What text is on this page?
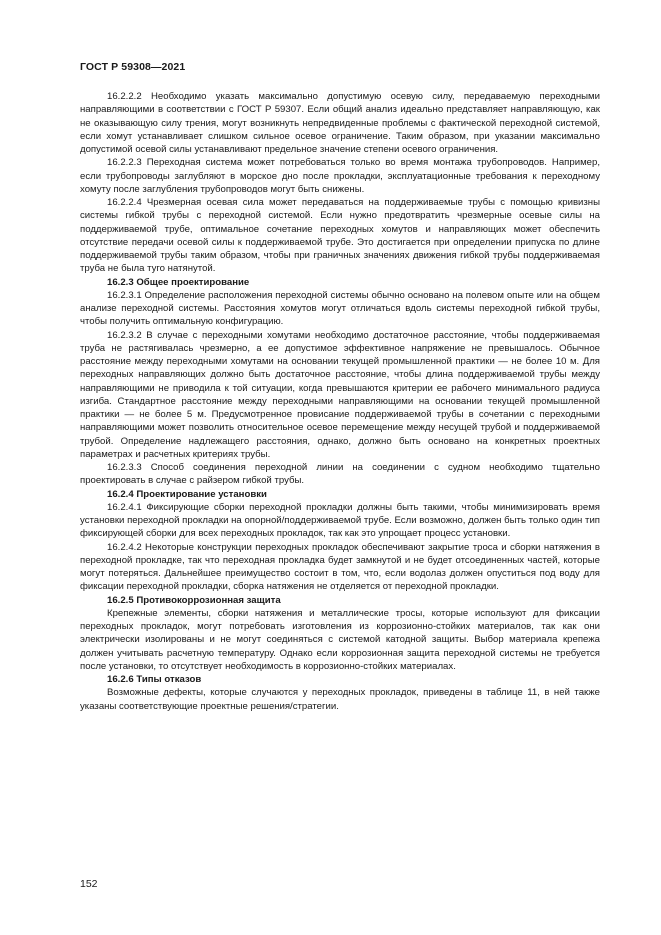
ГОСТ Р 59308—2021

16.2.2.2 Необходимо указать максимально допустимую осевую силу, передаваемую переходными направляющими в соответствии с ГОСТ Р 59307. Если общий анализ идеально представляет направляющую, как не оказывающую силу трения, могут возникнуть непредвиденные проблемы с фактической переходной системой, если хомут устанавливает слишком сильное осевое ограничение. Таким образом, при указании максимально допустимой осевой силы устанавливают предельное значение степени осевого ограничения.

16.2.2.3 Переходная система может потребоваться только во время монтажа трубопроводов. Например, если трубопроводы заглубляют в морское дно после прокладки, эксплуатационные требования к переходному хомуту после заглубления трубопроводов могут быть снижены.

16.2.2.4 Чрезмерная осевая сила может передаваться на поддерживаемые трубы с помощью кривизны системы гибкой трубы с переходной системой. Если нужно предотвратить чрезмерные осевые силы на поддерживаемой трубе, оптимальное сочетание переходных хомутов и направляющих может обеспечить отсутствие передачи осевой силы к поддерживаемой трубе. Это достигается при определении припуска по длине поддерживаемой трубы таким образом, чтобы при граничных значениях движения гибкой трубы поддерживаемая труба не была туго натянутой.

16.2.3 Общее проектирование

16.2.3.1 Определение расположения переходной системы обычно основано на полевом опыте или на общем анализе переходной системы. Расстояния хомутов могут отличаться вдоль системы переходной гибкой трубы, чтобы получить оптимальную конфигурацию.

16.2.3.2 В случае с переходными хомутами необходимо достаточное расстояние, чтобы поддерживаемая труба не растягивалась чрезмерно, а ее допустимое эффективное напряжение не превышалось. Обычное расстояние между переходными хомутами на основании текущей промышленной практики — не более 10 м. Для переходных направляющих должно быть достаточное расстояние, чтобы длина поддерживаемой трубы между направляющими не приводила к той ситуации, когда превышаются критерии ее рабочего минимального радиуса изгиба. Стандартное расстояние между переходными направляющими на основании текущей промышленной практики — не более 5 м. Предусмотренное провисание поддерживаемой трубы в сочетании с переходными направляющими может позволить относительное осевое перемещение между несущей трубой и поддерживаемой трубой. Определение надлежащего расстояния, однако, должно быть основано на конкретных проектных параметрах и расчетных критериях трубы.

16.2.3.3 Способ соединения переходной линии на соединении с судном необходимо тщательно проектировать в случае с райзером гибкой трубы.

16.2.4 Проектирование установки

16.2.4.1 Фиксирующие сборки переходной прокладки должны быть такими, чтобы минимизировать время установки переходной прокладки на опорной/поддерживаемой трубе. Если возможно, должен быть только один тип фиксирующей сборки для всех переходных прокладок, так как это упрощает процесс установки.

16.2.4.2 Некоторые конструкции переходных прокладок обеспечивают закрытие троса и сборки натяжения в переходной прокладке, так что переходная прокладка будет замкнутой и не будет отсоединенных частей, которые могут потеряться. Дальнейшее преимущество состоит в том, что, если водолаз должен опуститься под воду для фиксации переходной прокладки, сборка натяжения не отделяется от переходной прокладки.

16.2.5 Противокоррозионная защита

Крепежные элементы, сборки натяжения и металлические тросы, которые используют для фиксации переходных прокладок, могут потребовать изготовления из коррозионно-стойких материалов, так как они электрически изолированы и не могут соединяться с системой катодной защиты. Выбор материала крепежа должен учитывать расчетную температуру. Однако если коррозионная защита переходной системы не требуется после установки, то отсутствует необходимость в коррозионно-стойких материалах.

16.2.6 Типы отказов

Возможные дефекты, которые случаются у переходных прокладок, приведены в таблице 11, в ней также указаны соответствующие проектные решения/стратегии.

152
